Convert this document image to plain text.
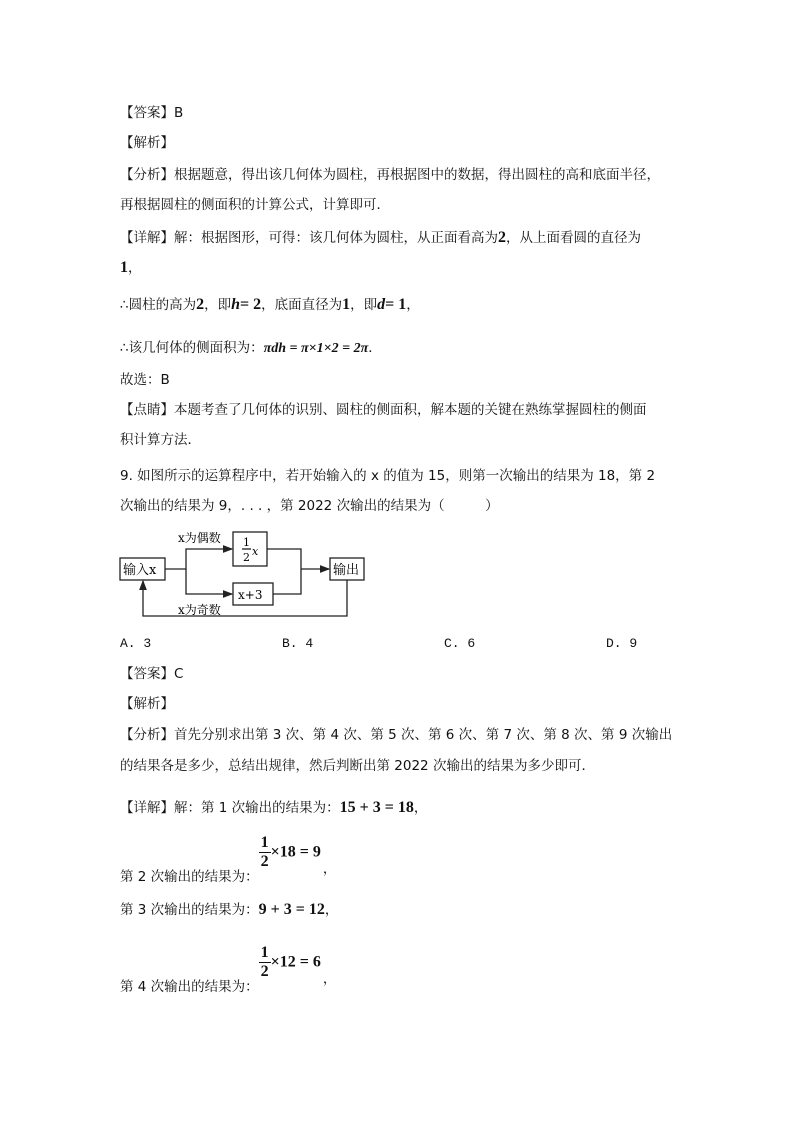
【答案】B
【解析】
【分析】根据题意，得出该几何体为圆柱，再根据图中的数据，得出圆柱的高和底面半径，
再根据圆柱的侧面积的计算公式，计算即可．
【详解】解：根据图形，可得：该几何体为圆柱，从正面看高为2，从上面看圆的直径为
1，
∴圆柱的高为2，即h= 2，底面直径为1，即d= 1，
∴该几何体的侧面积为：πdh = π×1×2 = 2π．
故选：B
【点睛】本题考查了几何体的识别、圆柱的侧面积，解本题的关键在熟练掌握圆柱的侧面
积计算方法．
9. 如图所示的运算程序中，若开始输入的 x 的值为 15，则第一次输出的结果为 18，第 2
次输出的结果为 9，. . . ，第 2022 次输出的结果为（　　　）
输入x
x为偶数
x为奇数
1
2 x
x+3
输出
A. 3	B. 4	C. 6	D. 9
【答案】C
【解析】
【分析】首先分别求出第 3 次、第 4 次、第 5 次、第 6 次、第 7 次、第 8 次、第 9 次输出
的结果各是多少，总结出规律，然后判断出第 2022 次输出的结果为多少即可．
【详解】解：第 1 次输出的结果为：15 + 3 = 18，
第 2 次输出的结果为：
$\frac{1}{2} \times 18 = 9$，
第 3 次输出的结果为：9 + 3 = 12，
第 4 次输出的结果为：
$\frac{1}{2} \times 12 = 6$，
